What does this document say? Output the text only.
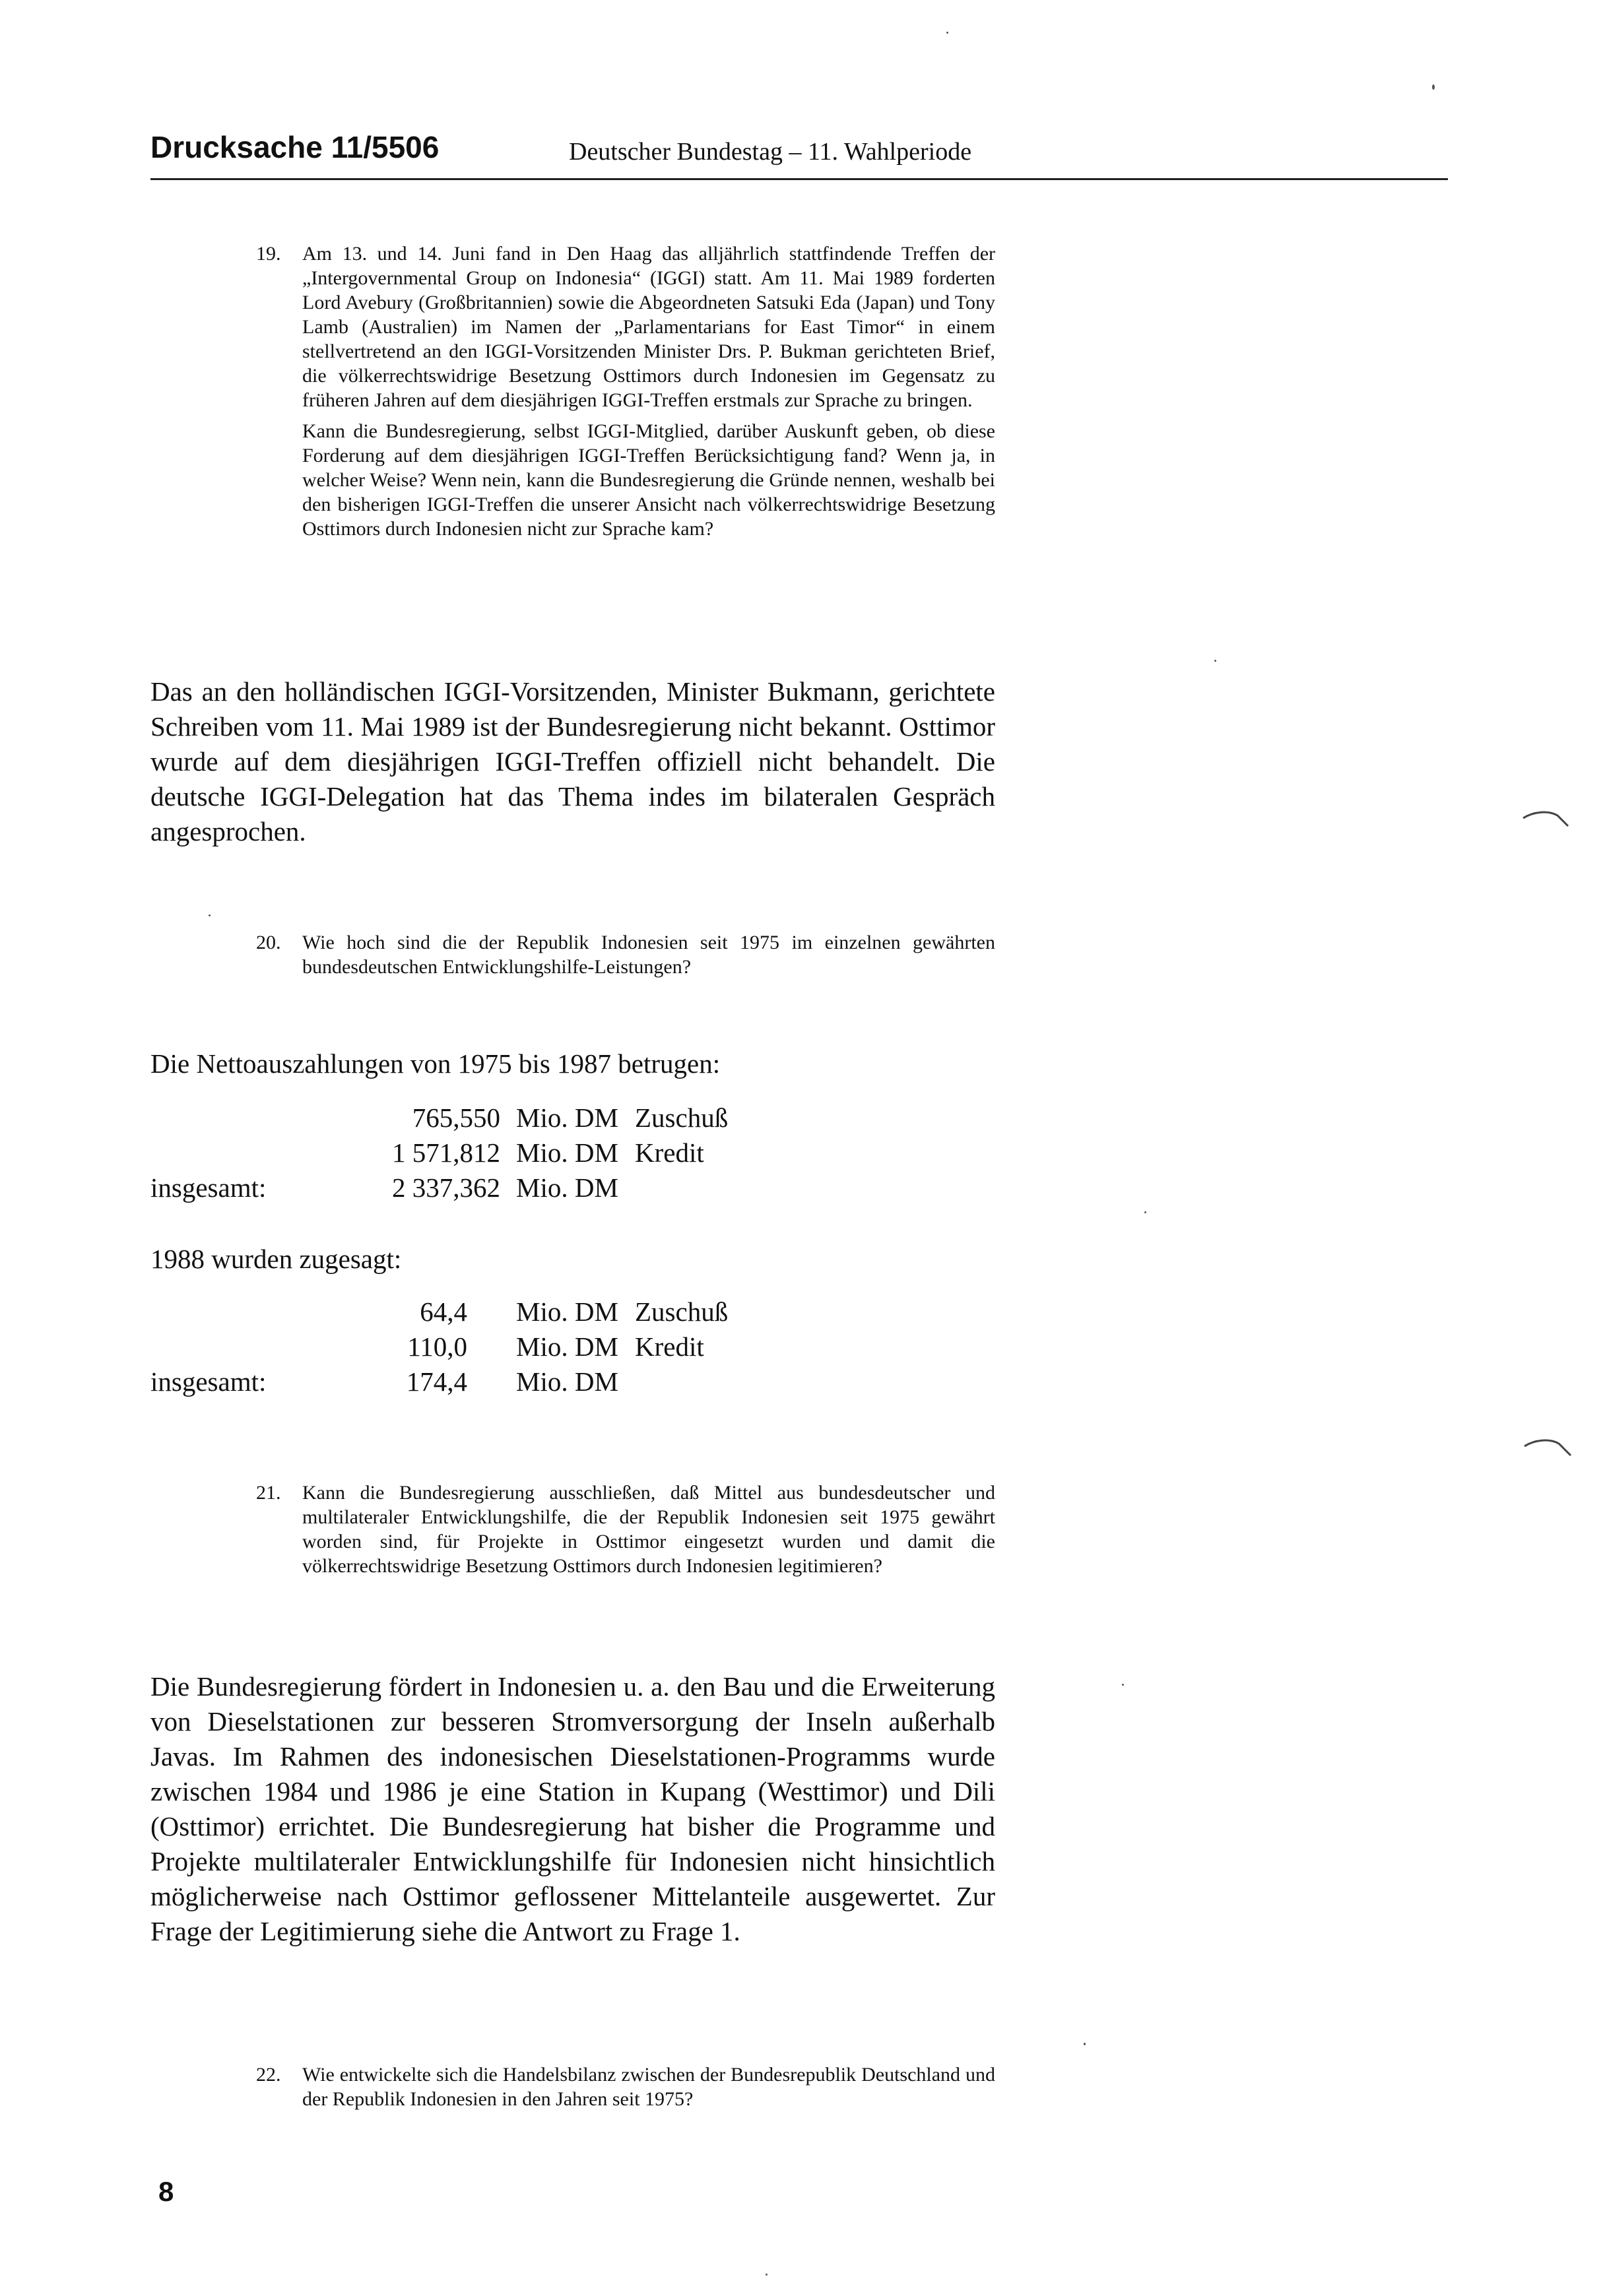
Drucksache 11/5506	Deutscher Bundestag – 11. Wahlperiode
19.	Am 13. und 14. Juni fand in Den Haag das alljährlich stattfindende Treffen der „Intergovernmental Group on Indonesia“ (IGGI) statt. Am 11. Mai 1989 forderten Lord Avebury (Großbritannien) sowie die Abgeordneten Satsuki Eda (Japan) und Tony Lamb (Australien) im Namen der „Parlamentarians for East Timor“ in einem stellvertretend an den IGGI-Vorsitzenden Minister Drs. P. Bukman gerichteten Brief, die völkerrechtswidrige Besetzung Osttimors durch Indonesien im Gegensatz zu früheren Jahren auf dem diesjährigen IGGI-Treffen erstmals zur Sprache zu bringen.

Kann die Bundesregierung, selbst IGGI-Mitglied, darüber Auskunft geben, ob diese Forderung auf dem diesjährigen IGGI-Treffen Berücksichtigung fand? Wenn ja, in welcher Weise? Wenn nein, kann die Bundesregierung die Gründe nennen, weshalb bei den bisherigen IGGI-Treffen die unserer Ansicht nach völkerrechtswidrige Besetzung Osttimors durch Indonesien nicht zur Sprache kam?

Das an den holländischen IGGI-Vorsitzenden, Minister Bukmann, gerichtete Schreiben vom 11. Mai 1989 ist der Bundesregierung nicht bekannt. Osttimor wurde auf dem diesjährigen IGGI-Treffen offiziell nicht behandelt. Die deutsche IGGI-Delegation hat das Thema indes im bilateralen Gespräch angesprochen.

20.	Wie hoch sind die der Republik Indonesien seit 1975 im einzelnen gewährten bundesdeutschen Entwicklungshilfe-Leistungen?

Die Nettoauszahlungen von 1975 bis 1987 betrugen:
765,550 Mio. DM Zuschuß
1 571,812 Mio. DM Kredit
insgesamt:	2 337,362 Mio. DM
1988 wurden zugesagt:
64,4 Mio. DM Zuschuß
110,0 Mio. DM Kredit
insgesamt:	174,4 Mio. DM
21.	Kann die Bundesregierung ausschließen, daß Mittel aus bundesdeutscher und multilateraler Entwicklungshilfe, die der Republik Indonesien seit 1975 gewährt worden sind, für Projekte in Osttimor eingesetzt wurden und damit die völkerrechtswidrige Besetzung Osttimors durch Indonesien legitimieren?

Die Bundesregierung fördert in Indonesien u. a. den Bau und die Erweiterung von Dieselstationen zur besseren Stromversorgung der Inseln außerhalb Javas. Im Rahmen des indonesischen Dieselstationen-Programms wurde zwischen 1984 und 1986 je eine Station in Kupang (Westtimor) und Dili (Osttimor) errichtet. Die Bundesregierung hat bisher die Programme und Projekte multilateraler Entwicklungshilfe für Indonesien nicht hinsichtlich möglicherweise nach Osttimor geflossener Mittelanteile ausgewertet. Zur Frage der Legitimierung siehe die Antwort zu Frage 1.

22.	Wie entwickelte sich die Handelsbilanz zwischen der Bundesrepublik Deutschland und der Republik Indonesien in den Jahren seit 1975?

8
